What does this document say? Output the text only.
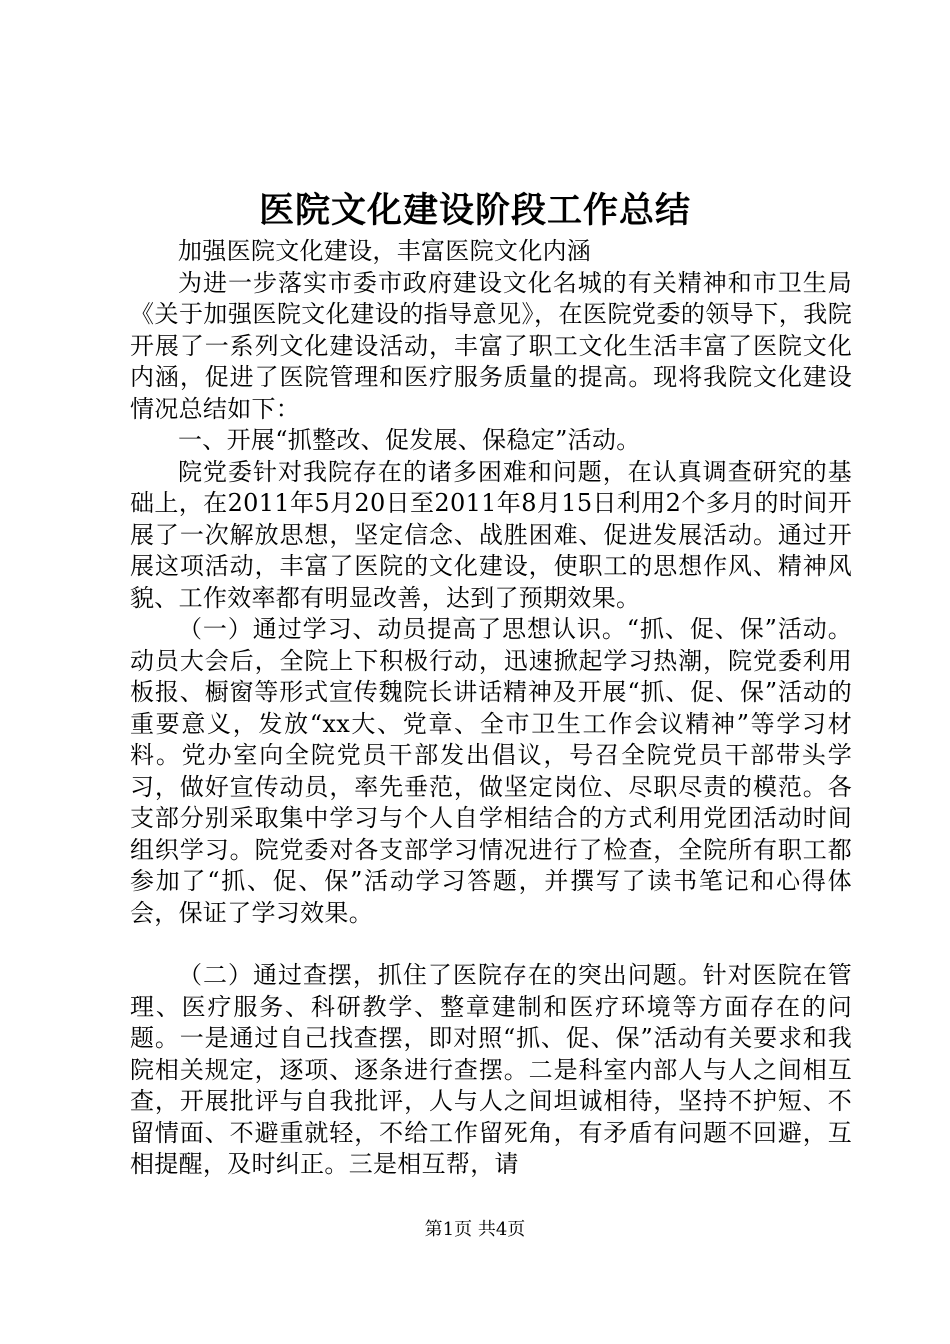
医院文化建设阶段工作总结

加强医院文化建设，丰富医院文化内涵

为进一步落实市委市政府建设文化名城的有关精神和市卫生局《关于加强医院文化建设的指导意见》，在医院党委的领导下，我院开展了一系列文化建设活动，丰富了职工文化生活丰富了医院文化内涵，促进了医院管理和医疗服务质量的提高。现将我院文化建设情况总结如下：

一、开展“抓整改、促发展、保稳定”活动。

院党委针对我院存在的诸多困难和问题，在认真调查研究的基础上，在2011年5月20日至2011年8月15日利用2个多月的时间开展了一次解放思想，坚定信念、战胜困难、促进发展活动。通过开展这项活动，丰富了医院的文化建设，使职工的思想作风、精神风貌、工作效率都有明显改善，达到了预期效果。

（一）通过学习、动员提高了思想认识。“抓、促、保”活动。动员大会后，全院上下积极行动，迅速掀起学习热潮，院党委利用板报、橱窗等形式宣传魏院长讲话精神及开展“抓、促、保”活动的重要意义，发放“xx大、党章、全市卫生工作会议精神”等学习材料。党办室向全院党员干部发出倡议，号召全院党员干部带头学习，做好宣传动员，率先垂范，做坚定岗位、尽职尽责的模范。各支部分别采取集中学习与个人自学相结合的方式利用党团活动时间组织学习。院党委对各支部学习情况进行了检查，全院所有职工都参加了“抓、促、保”活动学习答题，并撰写了读书笔记和心得体会，保证了学习效果。

（二）通过查摆，抓住了医院存在的突出问题。针对医院在管理、医疗服务、科研教学、整章建制和医疗环境等方面存在的问题。一是通过自己找查摆，即对照“抓、促、保”活动有关要求和我院相关规定，逐项、逐条进行查摆。二是科室内部人与人之间相互查，开展批评与自我批评，人与人之间坦诚相待，坚持不护短、不留情面、不避重就轻，不给工作留死角，有矛盾有问题不回避，互相提醒，及时纠正。三是相互帮，请

第1页 共4页
